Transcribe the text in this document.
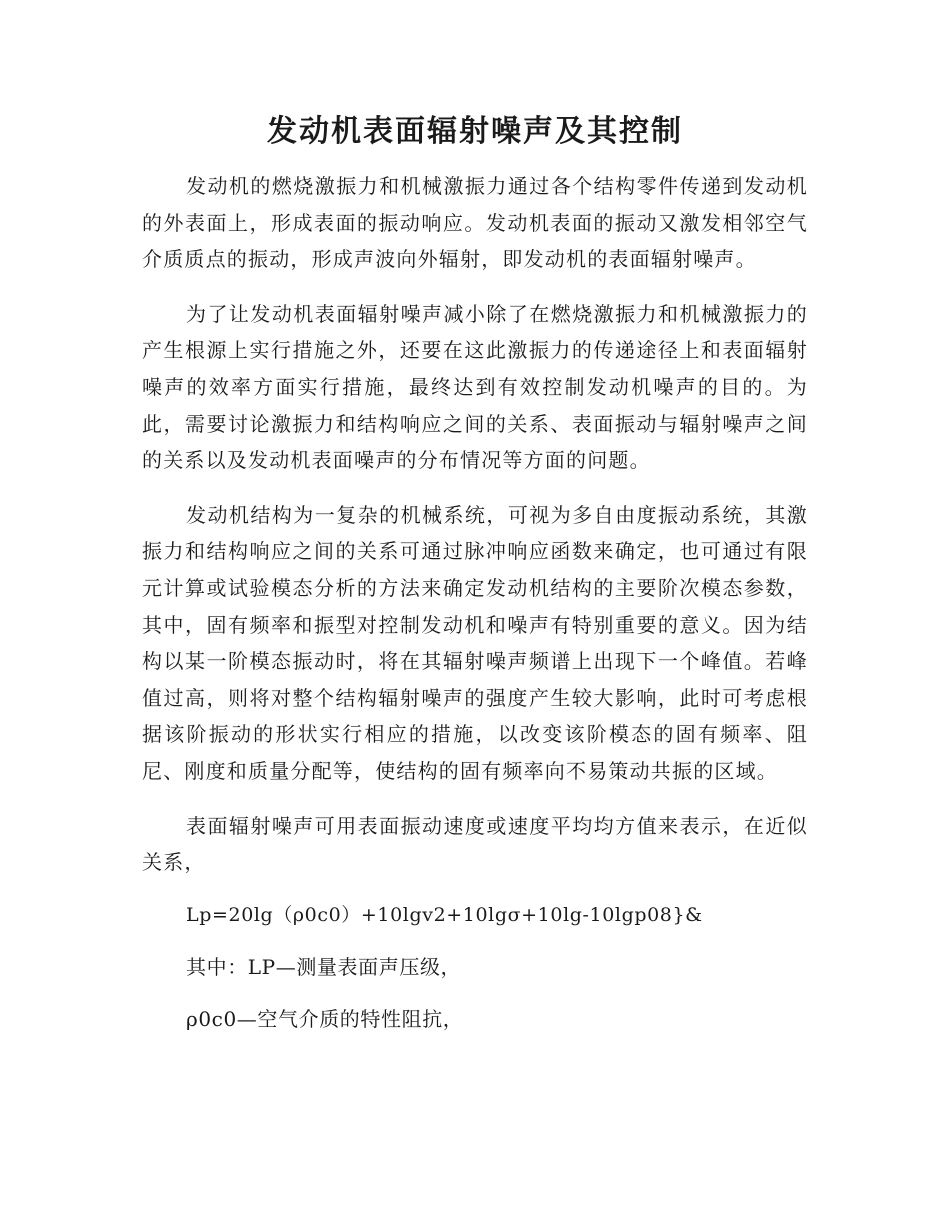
发动机表面辐射噪声及其控制

发动机的燃烧激振力和机械激振力通过各个结构零件传递到发动机的外表面上，形成表面的振动响应。发动机表面的振动又激发相邻空气介质质点的振动，形成声波向外辐射，即发动机的表面辐射噪声。

为了让发动机表面辐射噪声减小除了在燃烧激振力和机械激振力的产生根源上实行措施之外，还要在这此激振力的传递途径上和表面辐射噪声的效率方面实行措施，最终达到有效控制发动机噪声的目的。为此，需要讨论激振力和结构响应之间的关系、表面振动与辐射噪声之间的关系以及发动机表面噪声的分布情况等方面的问题。

发动机结构为一复杂的机械系统，可视为多自由度振动系统，其激振力和结构响应之间的关系可通过脉冲响应函数来确定，也可通过有限元计算或试验模态分析的方法来确定发动机结构的主要阶次模态参数，其中，固有频率和振型对控制发动机和噪声有特别重要的意义。因为结构以某一阶模态振动时，将在其辐射噪声频谱上出现下一个峰值。若峰值过高，则将对整个结构辐射噪声的强度产生较大影响，此时可考虑根据该阶振动的形状实行相应的措施，以改变该阶模态的固有频率、阻尼、刚度和质量分配等，使结构的固有频率向不易策动共振的区域。

表面辐射噪声可用表面振动速度或速度平均均方值来表示，在近似关系，

Lp=20lg（ρ0c0）+10lgv2+10lgσ+10lg-10lgp08}&

其中：LP—测量表面声压级，

ρ0c0—空气介质的特性阻抗，
